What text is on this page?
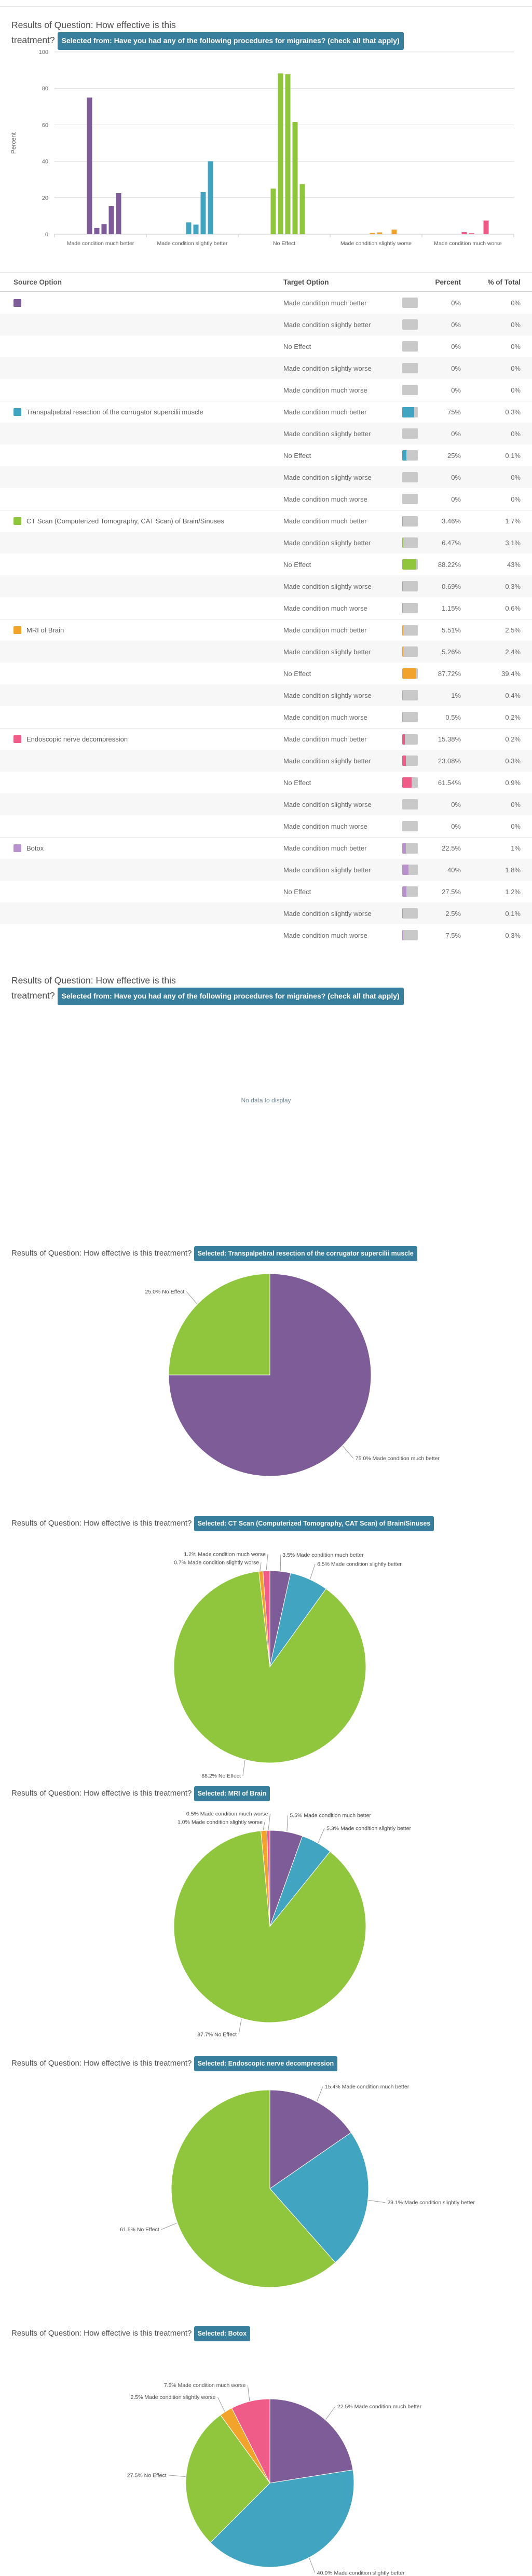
Results of Question: How effective is this
treatment? Selected from: Have you had any of the following procedures for migraines? (check all that apply)
100
80
60
40
20
0
Percent
Made condition much better	Made condition slightly better	No Effect	Made condition slightly worse	Made condition much worse
Source Option	Target Option	Percent	% of Total
Made condition much better	0%	0%
Made condition slightly better	0%	0%
No Effect	0%	0%
Made condition slightly worse	0%	0%
Made condition much worse	0%	0%
Transpalpebral resection of the corrugator supercilii muscle	Made condition much better	75%	0.3%
Made condition slightly better	0%	0%
No Effect	25%	0.1%
Made condition slightly worse	0%	0%
Made condition much worse	0%	0%
CT Scan (Computerized Tomography, CAT Scan) of Brain/Sinuses	Made condition much better	3.46%	1.7%
Made condition slightly better	6.47%	3.1%
No Effect	88.22%	43%
Made condition slightly worse	0.69%	0.3%
Made condition much worse	1.15%	0.6%
MRI of Brain	Made condition much better	5.51%	2.5%
Made condition slightly better	5.26%	2.4%
No Effect	87.72%	39.4%
Made condition slightly worse	1%	0.4%
Made condition much worse	0.5%	0.2%
Endoscopic nerve decompression	Made condition much better	15.38%	0.2%
Made condition slightly better	23.08%	0.3%
No Effect	61.54%	0.9%
Made condition slightly worse	0%	0%
Made condition much worse	0%	0%
Botox	Made condition much better	22.5%	1%
Made condition slightly better	40%	1.8%
No Effect	27.5%	1.2%
Made condition slightly worse	2.5%	0.1%
Made condition much worse	7.5%	0.3%
Results of Question: How effective is this
treatment? Selected from: Have you had any of the following procedures for migraines? (check all that apply)
No data to display
Results of Question: How effective is this treatment? Selected: Transpalpebral resection of the corrugator supercilii muscle
75.0% Made condition much better
25.0% No Effect
Results of Question: How effective is this treatment? Selected: CT Scan (Computerized Tomography, CAT Scan) of Brain/Sinuses
3.5% Made condition much better
6.5% Made condition slightly better
88.2% No Effect
0.7% Made condition slightly worse
1.2% Made condition much worse
Results of Question: How effective is this treatment? Selected: MRI of Brain
5.5% Made condition much better
5.3% Made condition slightly better
87.7% No Effect
1.0% Made condition slightly worse
0.5% Made condition much worse
Results of Question: How effective is this treatment? Selected: Endoscopic nerve decompression
15.4% Made condition much better
23.1% Made condition slightly better
61.5% No Effect
Results of Question: How effective is this treatment? Selected: Botox
22.5% Made condition much better
40.0% Made condition slightly better
27.5% No Effect
2.5% Made condition slightly worse
7.5% Made condition much worse
